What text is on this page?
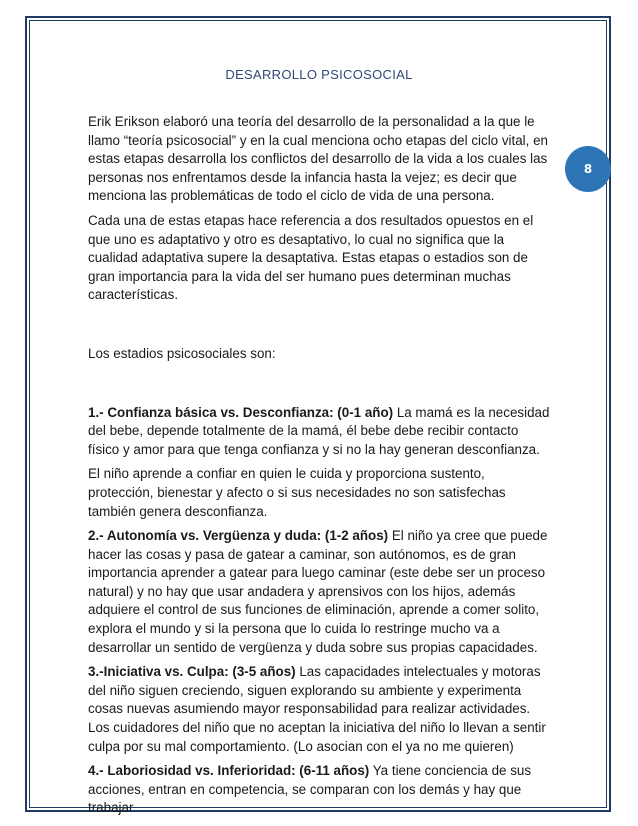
8
DESARROLLO PSICOSOCIAL

Erik Erikson elaboró una teoría del desarrollo de la personalidad a la que le llamo “teoría psicosocial” y en la cual menciona ocho etapas del ciclo vital, en estas etapas desarrolla los conflictos del desarrollo de la vida a los cuales las personas nos enfrentamos desde la infancia hasta la vejez; es decir que menciona las problemáticas de todo el ciclo de vida de una persona.

Cada una de estas etapas hace referencia a dos resultados opuestos en el que uno es adaptativo y otro es desaptativo, lo cual no significa que la cualidad adaptativa supere la desaptativa. Estas etapas o estadios son de gran importancia para la vida del ser humano pues determinan muchas características.

Los estadios psicosociales son:

1.- Confianza básica vs. Desconfianza: (0-1 año) La mamá es la necesidad del bebe, depende totalmente de la mamá, él bebe debe recibir contacto físico y amor para que tenga confianza y si no la hay generan desconfianza.

El niño aprende a confiar en quien le cuida y proporciona sustento, protección, bienestar y afecto o si sus necesidades no son satisfechas también genera desconfianza.

2.- Autonomía vs. Vergüenza y duda: (1-2 años) El niño ya cree que puede hacer las cosas y pasa de gatear a caminar, son autónomos, es de gran importancia aprender a gatear para luego caminar (este debe ser un proceso natural) y no hay que usar andadera y aprensivos con los hijos, además adquiere el control de sus funciones de eliminación, aprende a comer solito, explora el mundo y si la persona que lo cuida lo restringe mucho va a desarrollar un sentido de vergüenza y duda sobre sus propias capacidades.

3.-Iniciativa vs. Culpa: (3-5 años) Las capacidades intelectuales y motoras del niño siguen creciendo, siguen explorando su ambiente y experimenta cosas nuevas asumiendo mayor responsabilidad para realizar actividades. Los cuidadores del niño que no aceptan la iniciativa del niño lo llevan a sentir culpa por su mal comportamiento. (Lo asocian con el ya no me quieren)

4.- Laboriosidad vs. Inferioridad: (6-11 años) Ya tiene conciencia de sus acciones, entran en competencia, se comparan con los demás y hay que trabajar
